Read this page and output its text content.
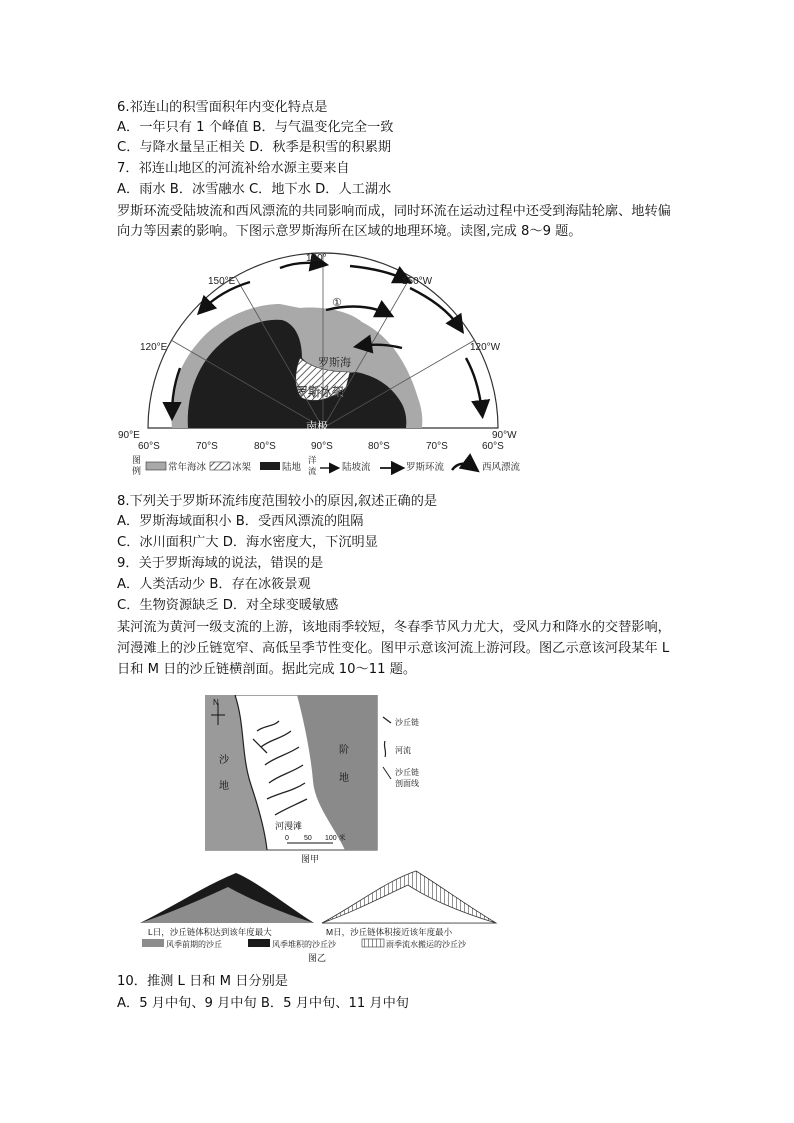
6.祁连山的积雪面积年内变化特点是
A．一年只有 1 个峰值 B．与气温变化完全一致
C．与降水量呈正相关 D．秋季是积雪的积累期
7．祁连山地区的河流补给水源主要来自
A．雨水 B．冰雪融水 C．地下水 D．人工湖水
罗斯环流受陆坡流和西风漂流的共同影响而成，同时环流在运动过程中还受到海陆轮廓、地转偏
向力等因素的影响。下图示意罗斯海所在区域的地理环境。读图,完成 8～9 题。
180°
150°E	150°W
120°E	120°W
90°E	90°W
60°S	70°S	80°S	90°S	80°S	70°S	60°S
①
罗斯海
罗斯冰架
南极
图
例	常年海冰	冰架	陆地
洋
流	陆坡流	罗斯环流	西风漂流
8.下列关于罗斯环流纬度范围较小的原因,叙述正确的是
A．罗斯海域面积小 B．受西风漂流的阻隔
C．冰川面积广大 D．海水密度大，下沉明显
9．关于罗斯海域的说法，错误的是
A．人类活动少 B．存在冰筱景观
C．生物资源缺乏 D．对全球变暖敏感
某河流为黄河一级支流的上游，该地雨季较短，冬春季节风力尤大，受风力和降水的交替影响，
河漫滩上的沙丘链宽窄、高低呈季节性变化。图甲示意该河流上游河段。图乙示意该河段某年 L
日和 M 日的沙丘链横剖面。据此完成 10～11 题。
N
沙
地
阶
地
河漫滩
0 50 100 米
沙丘链
河流
沙丘链
剖面线
图甲
L日，沙丘链体积达到该年度最大	M日，沙丘链体积接近该年度最小
风季前期的沙丘	风季堆积的沙丘沙	雨季流水搬运的沙丘沙
图乙
10．推测 L 日和 M 日分别是
A．5 月中旬、9 月中旬 B．5 月中旬、11 月中旬
